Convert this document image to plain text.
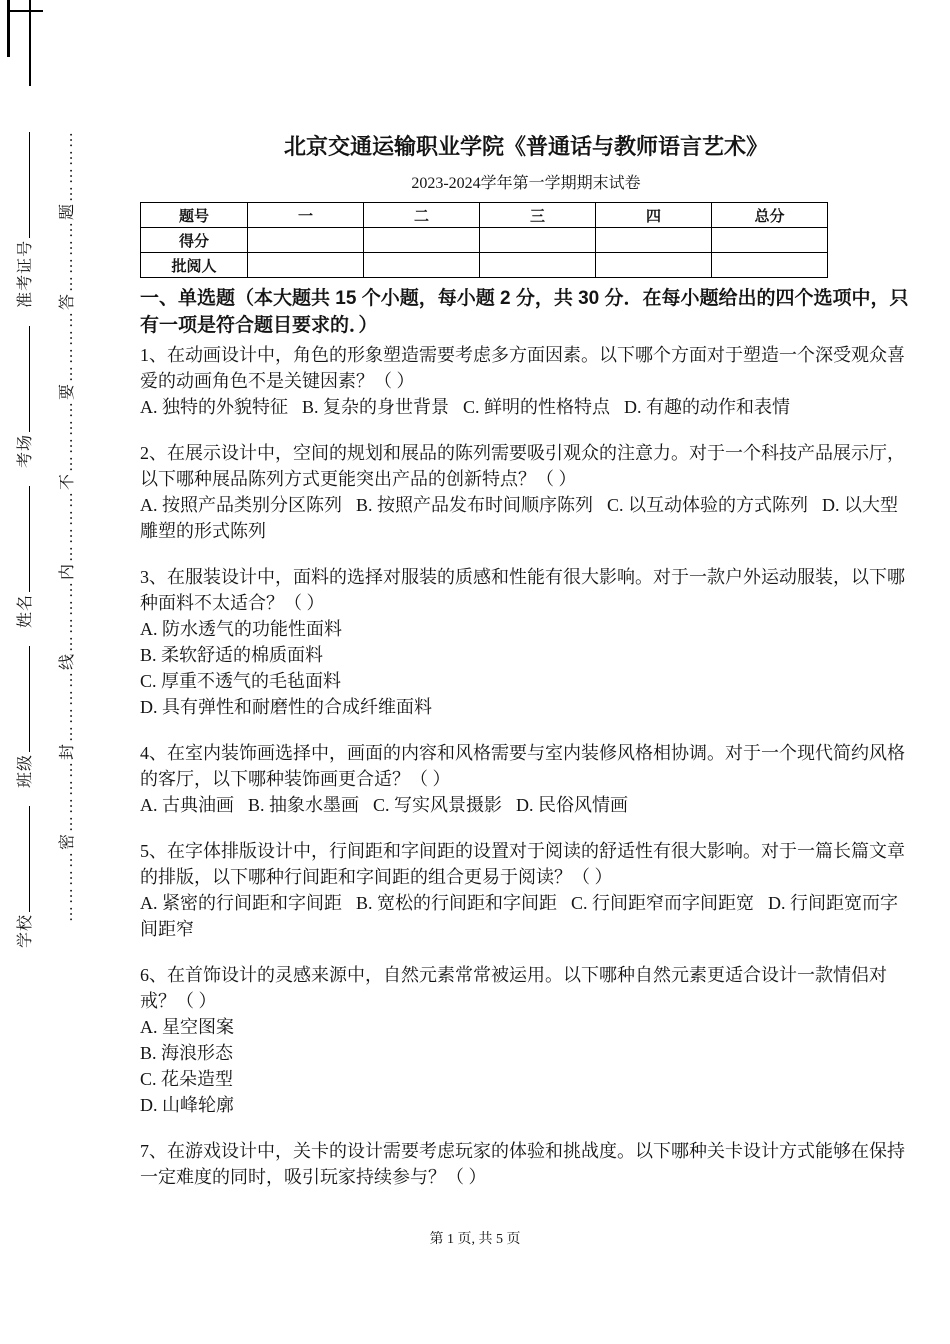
学校班级姓名考场准考证号	…………密…………封…………线…………内…………不…………要…………答…………题…………	北京交通运输职业学院《普通话与教师语言艺术》
2023-2024学年第一学期期末试卷
题号	一	二	三	四	总分
得分					
批阅人					
一、单选题（本大题共 15 个小题，每小题 2 分，共 30 分．在每小题给出的四个选项中，只有一项是符合题目要求的．）
1、在动画设计中，角色的形象塑造需要考虑多方面因素。以下哪个方面对于塑造一个深受观众喜爱的动画角色不是关键因素？（ ）
A. 独特的外貌特征 B. 复杂的身世背景 C. 鲜明的性格特点 D. 有趣的动作和表情
2、在展示设计中，空间的规划和展品的陈列需要吸引观众的注意力。对于一个科技产品展示厅，以下哪种展品陈列方式更能突出产品的创新特点？（ ）
A. 按照产品类别分区陈列 B. 按照产品发布时间顺序陈列 C. 以互动体验的方式陈列 D. 以大型雕塑的形式陈列
3、在服装设计中，面料的选择对服装的质感和性能有很大影响。对于一款户外运动服装，以下哪种面料不太适合？（ ）
A. 防水透气的功能性面料
B. 柔软舒适的棉质面料
C. 厚重不透气的毛毡面料
D. 具有弹性和耐磨性的合成纤维面料
4、在室内装饰画选择中，画面的内容和风格需要与室内装修风格相协调。对于一个现代简约风格的客厅，以下哪种装饰画更合适？（ ）
A. 古典油画 B. 抽象水墨画 C. 写实风景摄影 D. 民俗风情画
5、在字体排版设计中，行间距和字间距的设置对于阅读的舒适性有很大影响。对于一篇长篇文章的排版，以下哪种行间距和字间距的组合更易于阅读？（ ）
A. 紧密的行间距和字间距 B. 宽松的行间距和字间距 C. 行间距窄而字间距宽 D. 行间距宽而字间距窄
6、在首饰设计的灵感来源中，自然元素常常被运用。以下哪种自然元素更适合设计一款情侣对戒？（ ）
A. 星空图案
B. 海浪形态
C. 花朵造型
D. 山峰轮廓
7、在游戏设计中，关卡的设计需要考虑玩家的体验和挑战度。以下哪种关卡设计方式能够在保持一定难度的同时，吸引玩家持续参与？（ ）
第 1 页, 共 5 页
